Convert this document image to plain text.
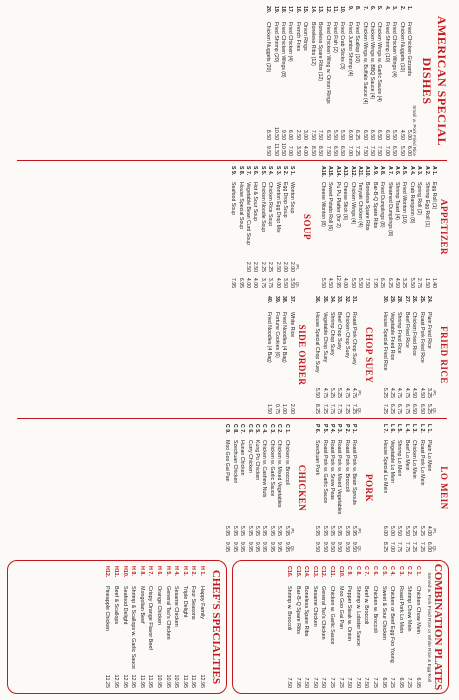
AMERICAN SPECIAL DISHES
Small
w. Pork Fried Rice
1.
Fried Chicken Gizzards
5.00
6.00
2.
Chicken Nuggets (10)
4.50
5.50
3.
Fried Chicken Wings (4)
5.50
6.50
4.
Fried Shrimp (10)
6.00
7.00
5.
Chicken Wings w. Garlic Sauce (4)
6.50
7.50
6.
Chicken Wings w. BBQ Sauce (4)
6.50
7.50
7.
Chicken Wings w. Buffalo Sauce (4)
6.50
7.50
8.
Fried Scallop (10)
6.25
7.25
9.
Fried Jumbo Shrimp (4)
6.00
7.00
10.
Fried Crab Sticks (3)
5.50
6.50
11.
Fried Fish (2)
5.50
6.50
12.
Fried Chicken Wing w. Onion Rings
6.50
7.50
13.
Boneless Spare Ribs (12)
7.50
8.50
14.
Boneless Ribs (12)
7.50
8.50
15.
Onion Rings
3.00
4.00
16.
French Fries
2.50
3.50
17.
Fried Chicken (4)
6.00
7.00
18.
Fried Chicken Wings (8)
9.50
10.50
19.
Fried Shrimp (20)
10.50
11.50
20.
Chicken Nuggets (20)
8.50
9.50
APPETIZER
A 1.
Egg Roll (1)
1.40
A 2.
Shrimp Egg Roll (1)
1.50
A 3.
Spring Roll (2)
2.75
A 4.
Crab Rangoon (8)
5.50
A 5.
Fried Wonton (10)
3.25
A 6.
Shrimp Toast (4)
4.50
A 7.
Steamed Dumplings (8)
6.25
A 8.
Fried Dumplings (8)
6.25
A 9.
Bar-B-Q Spare Ribs
7.95
A10.
Boneless Spare Ribs
7.50
A11.
Teriyaki Chicken (4)
5.50
A12.
Chicken Wings (4)
5.50
A13.
Cheese Stick (6)
4.00
A14.
Pu Pu Platter (for 2)
12.95
A15.
Sweet Potato Roll (6)
4.50
A16.
Cheese Wonton (8)
5.50
SOUP
Pt.
Qt.
S 1.
Wonton Soup
2.00
3.50
S 2.
Egg Drop Soup
2.00
3.50
S 3.
Wonton Egg Drop Mix
2.50
4.00
S 4.
Chicken Rice Soup
2.25
3.75
S 5.
Chicken Noodle Soup
2.25
3.75
S 6.
Hot & Sour Soup
2.50
4.00
S 7.
Vegetable Bean Curd Soup
2.50
4.00
S 8.
House Special Soup
6.95
S 9.
Seafood Soup
7.95
FRIED RICE
Pt.
Qt.
24.
Plain Fried Rice
3.25
5.25
25.
Roast Pork Fried Rice
4.50
6.50
26.
Chicken Fried Rice
4.50
6.50
27.
Beef Fried Rice
4.75
6.75
28.
Shrimp Fried Rice
4.75
6.75
29.
Vegetable Fried Rice
4.25
6.25
30.
House Special Fried Rice
5.25
7.25
CHOP SUEY
Pt.
Qt.
31.
Roast Pork Chop Suey
4.75
7.25
32.
Chicken Chop Suey
4.75
7.25
33.
Beef Chop Suey
5.25
7.75
34.
Shrimp Chop Suey
5.25
7.75
35.
Vegetable Chop Suey
4.75
7.25
36.
House Special Chop Suey
5.50
8.25
SIDE ORDER
37.
White Rice
2.00
38.
Fried Noodles (4 Bag)
1.00
39.
Fortune Cookies (6)
0.75
40.
Fried Noodles (4 Bag)
1.50
LO MEIN
Pt.
Qt.
L 1.
Plain Lo Mein
4.00
6.00
L 2.
Roast Pork Lo Mein
5.25
7.25
L 3.
Chicken Lo Mein
5.25
7.25
L 4.
Beef Lo Mein
5.50
7.75
L 5.
Shrimp Lo Mein
5.50
7.75
L 6.
Vegetable Lo Mein
5.00
7.00
L 7.
House Special Lo Mein
6.00
8.25
PORK
Pt.
Qt.
P 1.
Roast Pork w. Bean Sprouts
5.95
9.50
P 2.
Roast Pork w. Broccoli
5.95
9.50
P 3.
Roast Pork w. Mixed Vegetables
5.95
9.50
P 4.
Roast Pork w. Snow Peas
5.95
9.50
P 5.
Roast Pork w. Garlic Sauce
5.95
9.50
P 6.
Szechuan Pork
5.95
9.50
CHICKEN
Pt.
Qt.
C 1.
Chicken w. Broccoli
5.95
9.95
C 2.
Chicken w. Mixed Vegetables
5.95
9.95
C 3.
Chicken w. Garlic Sauce
5.95
9.95
C 4.
Chicken w. Cashew Nuts
5.95
9.95
C 5.
Kung Po Chicken
5.95
9.95
C 6.
Curry Chicken
5.95
9.95
C 7.
Hunan Chicken
5.95
9.95
C 8.
Szechuan Chicken
5.95
9.95
C 9.
Moo Goo Gai Pan
5.95
9.95
COMBINATION PLATES
Served w. Pork Fried Rice or White Rice & Egg Roll
C 1.
Chicken Chow Mein
6.95
C 2.
Shrimp Chow Mein
7.25
C 3.
Roast Pork Lo Mein
6.95
C 4.
Chicken or Beef Egg Foo Young
7.25
C 5.
Sweet & Sour Chicken
6.95
C 6.
Chicken w. Broccoli
7.25
C 7.
Beef w. Broccoli
7.50
C 8.
Shrimp w. Lobster Sauce
7.50
C 9.
Pepper Steak w. Onion
7.50
C10.
Moo Goo Gai Pan
7.25
C11.
Chicken w. Garlic Sauce
7.25
C12.
General Tso's Chicken
7.50
C13.
Sesame Chicken
7.50
C14.
Boneless Spare Ribs
7.50
C15.
Bar-B-Q Spare Ribs
7.95
C16.
Shrimp w. Broccoli
7.50
CHEF'S SPECIALTIES
H 1.
Happy Family
12.95
H 2.
Four Seasons
11.95
H 3.
Triple Delight
11.95
H 4.
Sesame Chicken
10.95
H 5.
General Tso's Chicken
10.95
H 6.
Orange Chicken
10.95
H 7.
Crispy Orange Flavor Beef
11.95
H 8.
Mongolian Beef
11.95
H 9.
Shrimp & Scallops w. Garlic Sauce
12.95
H10.
Seafood Delight
12.95
H11.
Beef & Scallops
12.95
H12.
Pineapple Chicken
11.25
